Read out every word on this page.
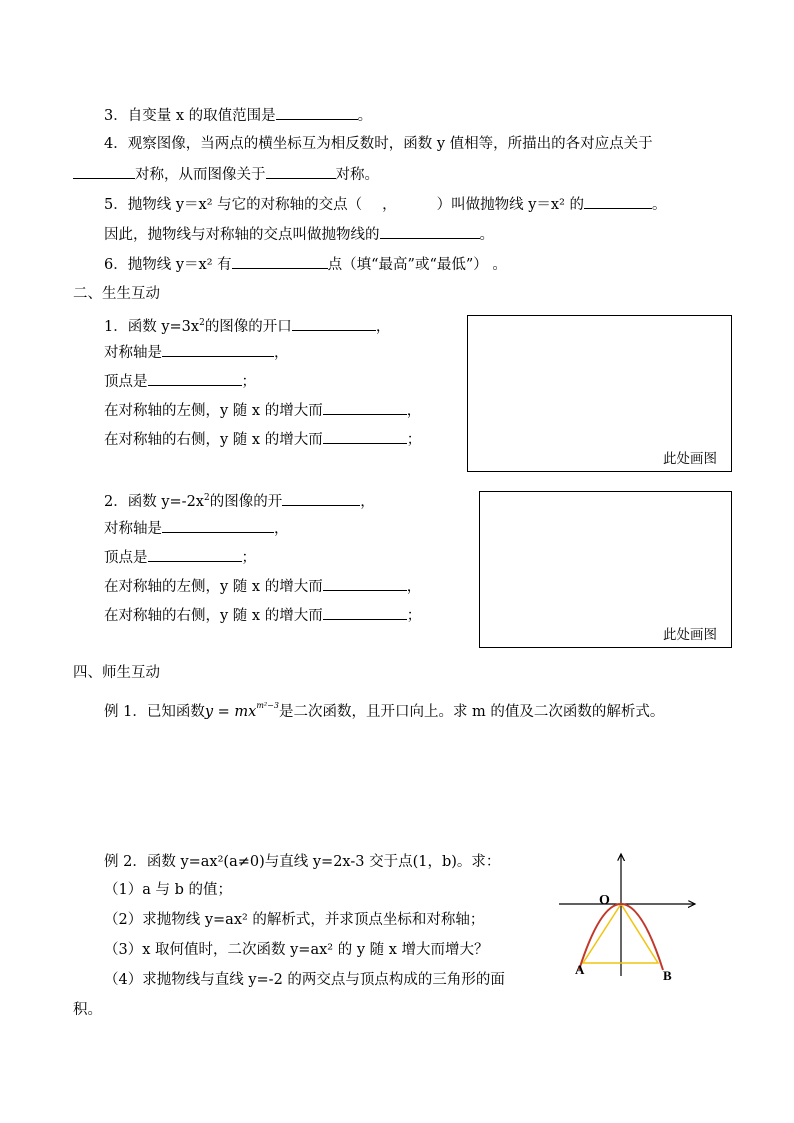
3．自变量 x 的取值范围是	。
4．观察图像，当两点的横坐标互为相反数时，函数 y 值相等，所描出的各对应点关于
对称，从而图像关于	对称。
5．抛物线 y＝x² 与它的对称轴的交点（ ，	）叫做抛物线 y＝x² 的	。
因此，抛物线与对称轴的交点叫做抛物线的	。
6．抛物线 y＝x² 有	点（填“最高”或“最低”） 。
二、生生互动
1．函数 $y=3x^2$的图像的开口	，
对称轴是	，
顶点是	；
在对称轴的左侧，y 随 x 的增大而	，
在对称轴的右侧，y 随 x 的增大而	；
此处画图
2．函数 $y=-2x^2$的图像的开	，
对称轴是	，
顶点是	；
在对称轴的左侧，y 随 x 的增大而	，
在对称轴的右侧，y 随 x 的增大而	；
此处画图
四、师生互动
例 1．已知函数$y = mx^{m^2-3}$是二次函数，且开口向上。求 m 的值及二次函数的解析式。
例 2．函数 y=ax²(a≠0)与直线 y=2x-3 交于点(1，b)。求：
（1）a 与 b 的值；
（2）求抛物线 y=ax² 的解析式，并求顶点坐标和对称轴；
（3）x 取何值时，二次函数 y=ax² 的 y 随 x 增大而增大？
（4）求抛物线与直线 y=-2 的两交点与顶点构成的三角形的面
积。
O
A	B
